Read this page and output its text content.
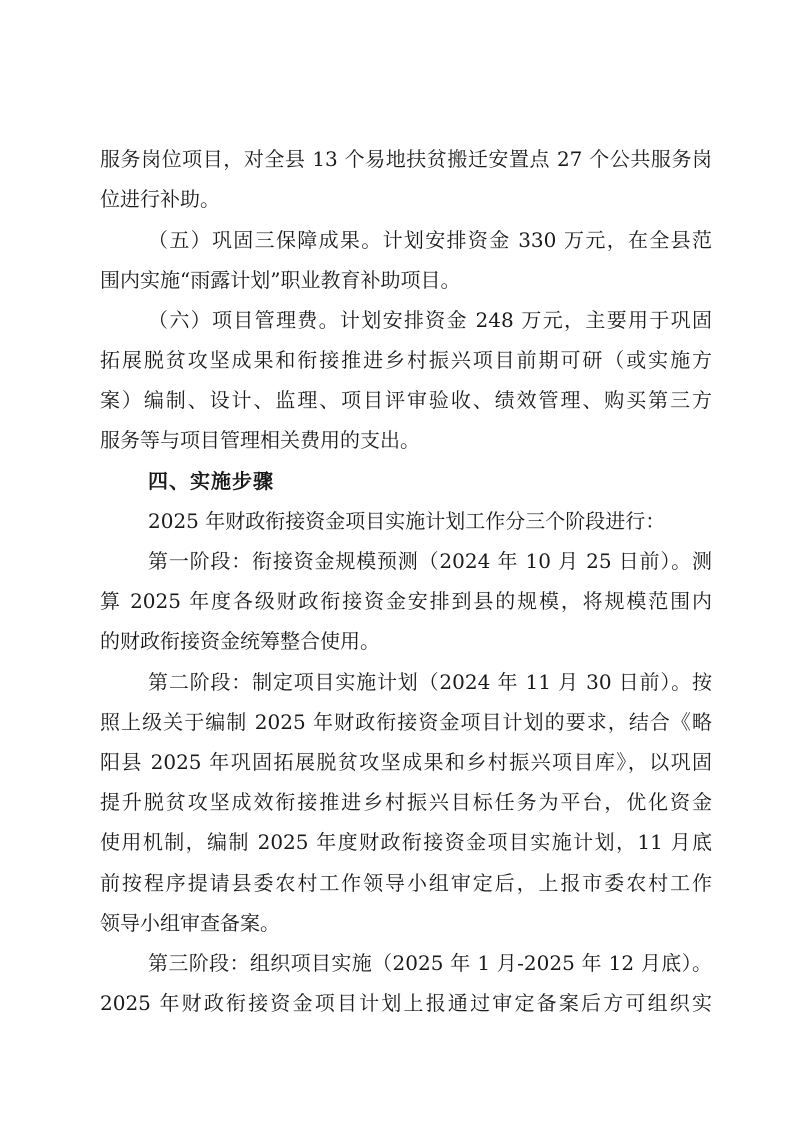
服务岗位项目，对全县 13 个易地扶贫搬迁安置点 27 个公共服务岗
位进行补助。
（五）巩固三保障成果。计划安排资金 330 万元，在全县范
围内实施“雨露计划”职业教育补助项目。
（六）项目管理费。计划安排资金 248 万元，主要用于巩固
拓展脱贫攻坚成果和衔接推进乡村振兴项目前期可研（或实施方
案）编制、设计、监理、项目评审验收、绩效管理、购买第三方
服务等与项目管理相关费用的支出。
四、实施步骤
2025 年财政衔接资金项目实施计划工作分三个阶段进行：
第一阶段：衔接资金规模预测（2024 年 10 月 25 日前）。测
算 2025 年度各级财政衔接资金安排到县的规模，将规模范围内
的财政衔接资金统筹整合使用。
第二阶段：制定项目实施计划（2024 年 11 月 30 日前）。按
照上级关于编制 2025 年财政衔接资金项目计划的要求，结合《略
阳县 2025 年巩固拓展脱贫攻坚成果和乡村振兴项目库》，以巩固
提升脱贫攻坚成效衔接推进乡村振兴目标任务为平台，优化资金
使用机制，编制 2025 年度财政衔接资金项目实施计划，11 月底
前按程序提请县委农村工作领导小组审定后，上报市委农村工作
领导小组审查备案。
第三阶段：组织项目实施（2025 年 1 月-2025 年 12 月底）。
2025 年财政衔接资金项目计划上报通过审定备案后方可组织实
